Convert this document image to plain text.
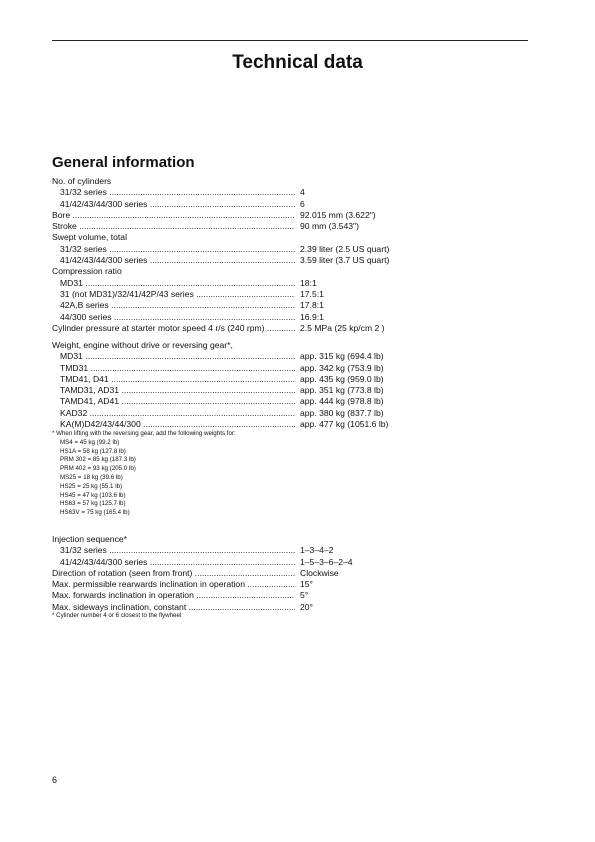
Technical data
General information
No. of cylinders
31/32 series .....	4
41/42/43/44/300 series .....	6
Bore .....	92.015 mm (3.622")
Stroke .....	90 mm (3.543")
Swept volume, total
31/32 series .....	2.39 liter (2.5 US quart)
41/42/43/44/300 series .....	3.59 liter (3.7 US quart)
Compression ratio
MD31 .....	18:1
31 (not MD31)/32/41/42P/43 series .....	17.5:1
42A,B series .....	17.8:1
44/300 series .....	16.9:1
Cylinder pressure at starter motor speed 4 r/s (240 rpm) .....	2.5 MPa (25 kp/cm 2 )
Weight, engine without drive or reversing gear*,
MD31 .....	app. 315 kg (694.4 lb)
TMD31 .....	app. 342 kg (753.9 lb)
TMD41, D41 .....	app. 435 kg (959.0 lb)
TAMD31, AD31 .....	app. 351 kg (773.8 lb)
TAMD41, AD41 .....	app. 444 kg (978.8 lb)
KAD32 .....	app. 380 kg (837.7 lb)
KA(M)D42/43/44/300 .....	app. 477 kg (1051.6 lb)
* When lifting with the reversing gear, add the following weights for:
MS4 = 45 kg (99.2 lb)
HS1A = 58 kg (127.8 lb)
PRM 302 = 85 kg (187.3 lb)
PRM 402 = 93 kg (205.0 lb)
MS25 = 18 kg (39.6 lb)
HS25 = 25 kg (55.1 lb)
HS45 = 47 kg (103.6 lb)
HS63 = 57 kg (125.7 lb)
HS63V = 75 kg (165.4 lb)
Injection sequence*
31/32 series .....	1–3–4–2
41/42/43/44/300 series .....	1–5–3–6–2–4
Direction of rotation (seen from front) .....	Clockwise
Max. permissible rearwards inclination in operation .....	15°
Max. forwards inclination in operation .....	5°
Max. sideways inclination, constant .....	20°
* Cylinder number 4 or 6 closest to the flywheel
6
